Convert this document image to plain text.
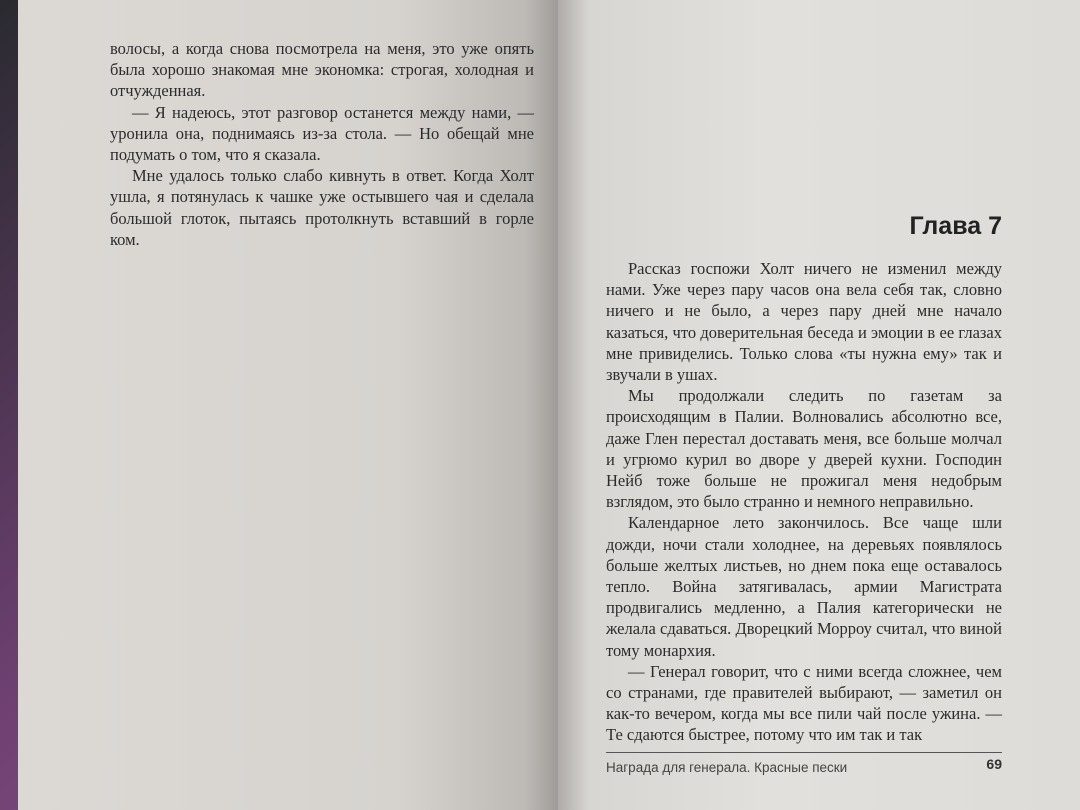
волосы, а когда снова посмотрела на меня, это уже опять была хорошо знакомая мне экономка: строгая, холодная и отчужденная.

— Я надеюсь, этот разговор останется между нами, — уронила она, поднимаясь из-за стола. — Но обещай мне подумать о том, что я сказала.

Мне удалось только слабо кивнуть в ответ. Когда Холт ушла, я потянулась к чашке уже остывшего чая и сделала большой глоток, пытаясь протолкнуть вставший в горле ком.	Глава 7

Рассказ госпожи Холт ничего не изменил между нами. Уже через пару часов она вела себя так, словно ничего и не было, а через пару дней мне начало казаться, что доверительная беседа и эмоции в ее глазах мне привиделись. Только слова «ты нужна ему» так и звучали в ушах.

Мы продолжали следить по газетам за происходящим в Палии. Волновались абсолютно все, даже Глен перестал доставать меня, все больше молчал и угрюмо курил во дворе у дверей кухни. Господин Нейб тоже больше не прожигал меня недобрым взглядом, это было странно и немного неправильно.

Календарное лето закончилось. Все чаще шли дожди, ночи стали холоднее, на деревьях появлялось больше желтых листьев, но днем пока еще оставалось тепло. Война затягивалась, армии Магистрата продвигались медленно, а Палия категорически не желала сдаваться. Дворецкий Морроу считал, что виной тому монархия.

— Генерал говорит, что с ними всегда сложнее, чем со странами, где правителей выбирают, — заметил он как-то вечером, когда мы все пили чай после ужина. — Те сдаются быстрее, потому что им так и так

Награда для генерала. Красные пески	69
